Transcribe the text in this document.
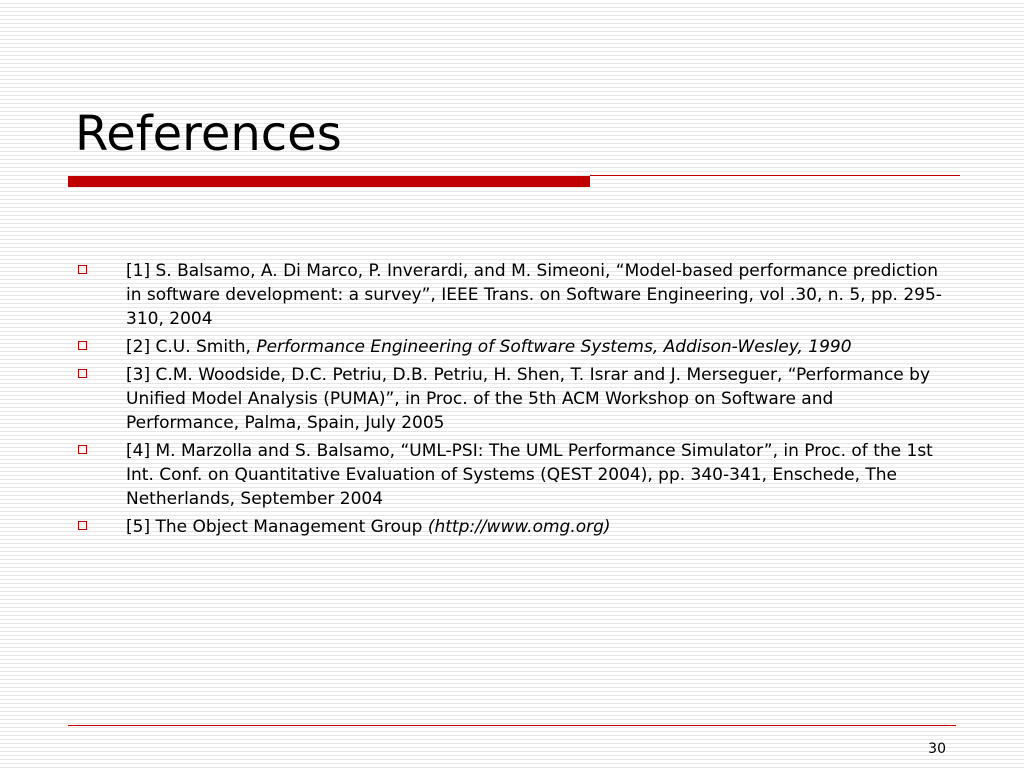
References
[1] S. Balsamo, A. Di Marco, P. Inverardi, and M. Simeoni, “Model-based performance prediction in software development: a survey”, IEEE Trans. on Software Engineering, vol .30, n. 5, pp. 295-310, 2004
[2] C.U. Smith, Performance Engineering of Software Systems, Addison-Wesley, 1990
[3] C.M. Woodside, D.C. Petriu, D.B. Petriu, H. Shen, T. Israr and J. Merseguer, “Performance by Unified Model Analysis (PUMA)”, in Proc. of the 5th ACM Workshop on Software and Performance, Palma, Spain, July 2005
[4] M. Marzolla and S. Balsamo, “UML-PSI: The UML Performance Simulator”, in Proc. of the 1st Int. Conf. on Quantitative Evaluation of Systems (QEST 2004), pp. 340-341, Enschede, The Netherlands, September 2004
[5] The Object Management Group (http://www.omg.org)
30
